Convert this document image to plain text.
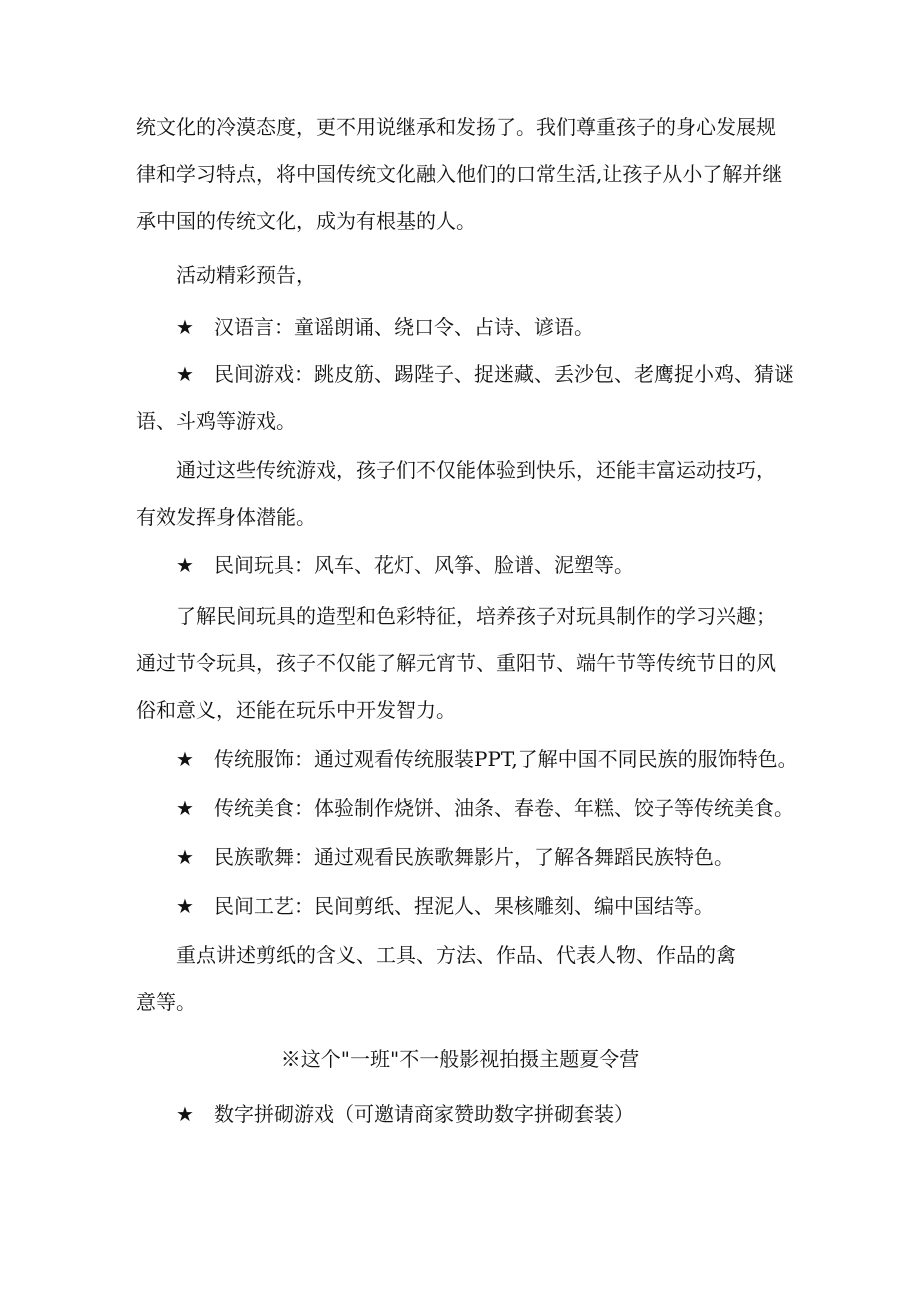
统文化的冷漠态度，更不用说继承和发扬了。我们尊重孩子的身心发展规
律和学习特点，将中国传统文化融入他们的口常生活,让孩子从小了解并继
承中国的传统文化，成为有根基的人。

活动精彩预告，

★ 汉语言：童谣朗诵、绕口令、占诗、谚语。

★ 民间游戏：跳皮筋、踢陛子、捉迷藏、丢沙包、老鹰捉小鸡、猜谜
语、斗鸡等游戏。

通过这些传统游戏，孩子们不仅能体验到快乐，还能丰富运动技巧，
有效发挥身体潜能。

★ 民间玩具：风车、花灯、风筝、脸谱、泥塑等。

了解民间玩具的造型和色彩特征，培养孩子对玩具制作的学习兴趣；
通过节令玩具，孩子不仅能了解元宵节、重阳节、端午节等传统节日的风
俗和意义，还能在玩乐中开发智力。

★ 传统服饰：通过观看传统服装PPT,了解中国不同民族的服饰特色。

★ 传统美食：体验制作烧饼、油条、春卷、年糕、饺子等传统美食。

★ 民族歌舞：通过观看民族歌舞影片，了解各舞蹈民族特色。

★ 民间工艺：民间剪纸、捏泥人、果核雕刻、编中国结等。

重点讲述剪纸的含义、工具、方法、作品、代表人物、作品的禽
意等。

※这个"一班"不一般影视拍摄主题夏令营

★ 数字拼砌游戏（可邀请商家赞助数字拼砌套装）
